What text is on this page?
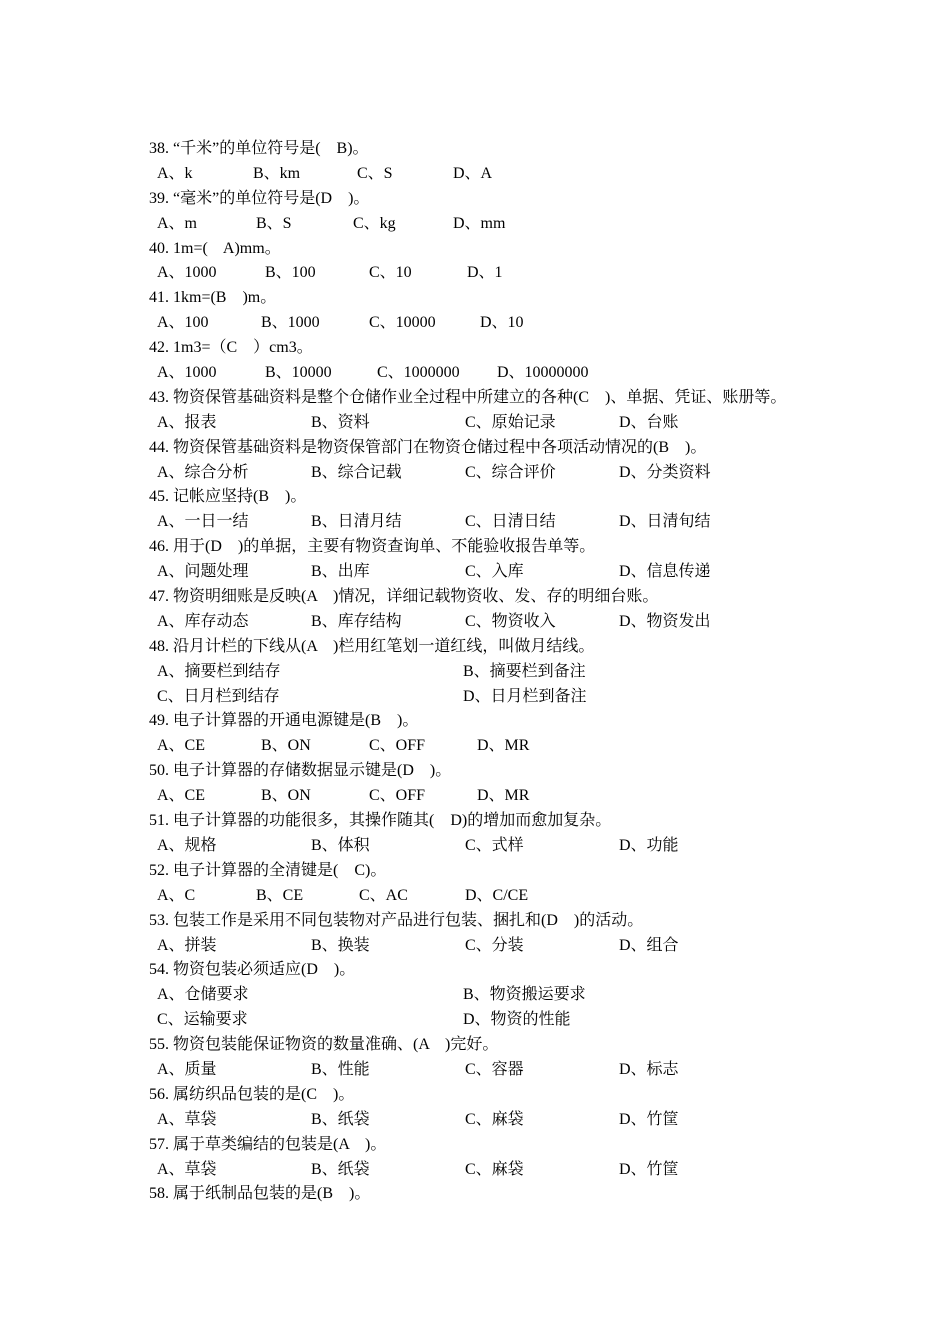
38. “千米”的单位符号是(    B)。
A、k	B、km	C、S	D、A
39. “毫米”的单位符号是(D    )。
A、m	B、S	C、kg	D、mm
40. 1m=(    A)mm。
A、1000	B、100	C、10	D、1
41. 1km=(B    )m。
A、100	B、1000	C、10000	D、10
42. 1m3=（C    ）cm3。
A、1000	B、10000	C、1000000 D、10000000
43. 物资保管基础资料是整个仓储作业全过程中所建立的各种(C    )、单据、凭证、账册等。
A、报表	B、资料	C、原始记录	D、台账
44. 物资保管基础资料是物资保管部门在物资仓储过程中各项活动情况的(B    )。
A、综合分析	B、综合记载	C、综合评价	D、分类资料
45. 记帐应坚持(B    )。
A、一日一结	B、日清月结	C、日清日结	D、日清旬结
46. 用于(D    )的单据，主要有物资查询单、不能验收报告单等。
A、问题处理	B、出库	C、入库	D、信息传递
47. 物资明细账是反映(A    )情况，详细记载物资收、发、存的明细台账。
A、库存动态	B、库存结构	C、物资收入	D、物资发出
48. 沿月计栏的下线从(A    )栏用红笔划一道红线，叫做月结线。
A、摘要栏到结存	B、摘要栏到备注
C、日月栏到结存	D、日月栏到备注
49. 电子计算器的开通电源键是(B    )。
A、CE	B、ON	C、OFF	D、MR
50. 电子计算器的存储数据显示键是(D    )。
A、CE	B、ON	C、OFF	D、MR
51. 电子计算器的功能很多，其操作随其(    D)的增加而愈加复杂。
A、规格	B、体积	C、式样	D、功能
52. 电子计算器的全清键是(    C)。
A、C	B、CE	C、AC	D、C/CE
53. 包装工作是采用不同包装物对产品进行包装、捆扎和(D    )的活动。
A、拼装	B、换装	C、分装	D、组合
54. 物资包装必须适应(D    )。
A、仓储要求	B、物资搬运要求
C、运输要求	D、物资的性能
55. 物资包装能保证物资的数量准确、(A    )完好。
A、质量	B、性能	C、容器	D、标志
56. 属纺织品包装的是(C    )。
A、草袋	B、纸袋	C、麻袋	D、竹筐
57. 属于草类编结的包装是(A    )。
A、草袋	B、纸袋	C、麻袋	D、竹筐
58. 属于纸制品包装的是(B    )。
